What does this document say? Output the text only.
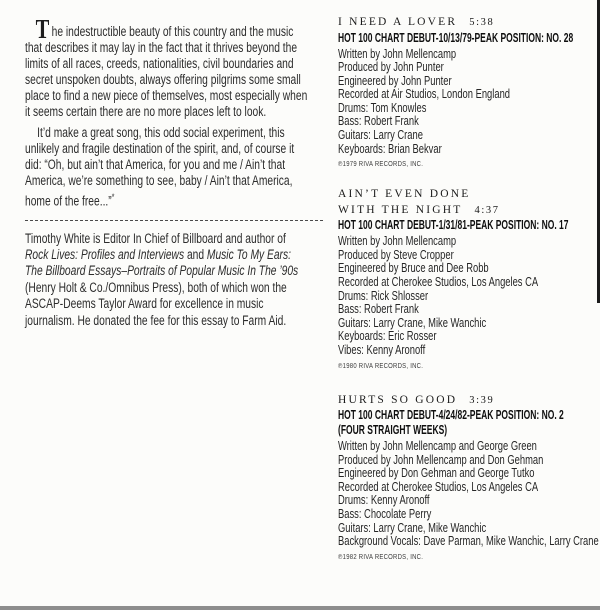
The indestructible beauty of this country and the music
that describes it may lay in the fact that it thrives beyond the
limits of all races, creeds, nationalities, civil boundaries and
secret unspoken doubts, always offering pilgrims some small
place to find a new piece of themselves, most especially when
it seems certain there are no more places left to look.
It’d make a great song, this odd social experiment, this
unlikely and fragile destination of the spirit, and, of course it
did: “Oh, but ain’t that America, for you and me / Ain’t that
America, we’re something to see, baby / Ain’t that America,
home of the free...”*
Timothy White is Editor In Chief of Billboard and author of
Rock Lives: Profiles and Interviews and Music To My Ears:
The Billboard Essays–Portraits of Popular Music In The ’90s
(Henry Holt & Co./Omnibus Press), both of which won the
ASCAP-Deems Taylor Award for excellence in music
journalism. He donated the fee for this essay to Farm Aid.
I NEED A LOVER 5:38
HOT 100 CHART DEBUT-10/13/79-PEAK POSITION: NO. 28
Written by John Mellencamp
Produced by John Punter
Engineered by John Punter
Recorded at Air Studios, London England
Drums: Tom Knowles
Bass: Robert Frank
Guitars: Larry Crane
Keyboards: Brian Bekvar
℗1979 RIVA RECORDS, INC.
AIN’T EVEN DONE
WITH THE NIGHT 4:37
HOT 100 CHART DEBUT-1/31/81-PEAK POSITION: NO. 17
Written by John Mellencamp
Produced by Steve Cropper
Engineered by Bruce and Dee Robb
Recorded at Cherokee Studios, Los Angeles CA
Drums: Rick Shlosser
Bass: Robert Frank
Guitars: Larry Crane, Mike Wanchic
Keyboards: Eric Rosser
Vibes: Kenny Aronoff
℗1980 RIVA RECORDS, INC.
HURTS SO GOOD 3:39
HOT 100 CHART DEBUT-4/24/82-PEAK POSITION: NO. 2
(FOUR STRAIGHT WEEKS)
Written by John Mellencamp and George Green
Produced by John Mellencamp and Don Gehman
Engineered by Don Gehman and George Tutko
Recorded at Cherokee Studios, Los Angeles CA
Drums: Kenny Aronoff
Bass: Chocolate Perry
Guitars: Larry Crane, Mike Wanchic
Background Vocals: Dave Parman, Mike Wanchic, Larry Crane
℗1982 RIVA RECORDS, INC.
